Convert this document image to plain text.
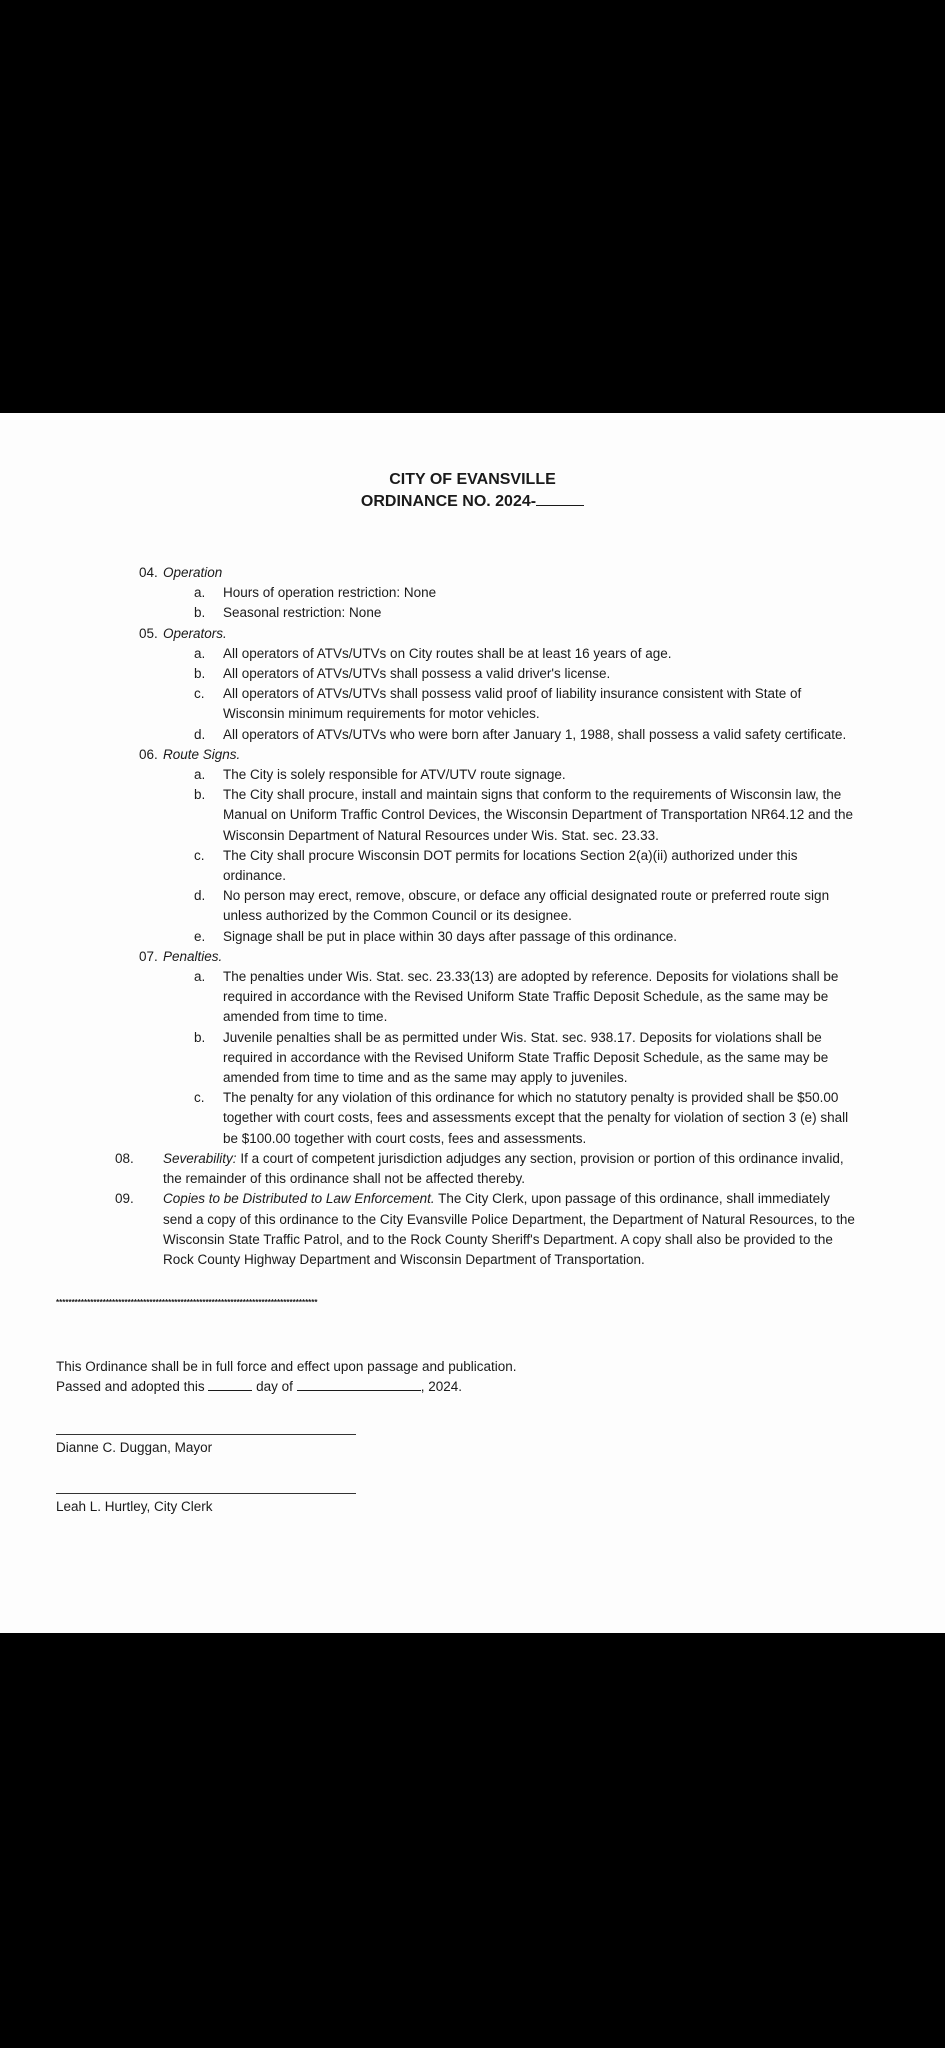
CITY OF EVANSVILLE
ORDINANCE NO. 2024-
04. Operation
a. Hours of operation restriction: None
b. Seasonal restriction: None
05. Operators.
a. All operators of ATVs/UTVs on City routes shall be at least 16 years of age.
b. All operators of ATVs/UTVs shall possess a valid driver's license.
c. All operators of ATVs/UTVs shall possess valid proof of liability insurance consistent with State of Wisconsin minimum requirements for motor vehicles.
d. All operators of ATVs/UTVs who were born after January 1, 1988, shall possess a valid safety certificate.
06. Route Signs.
a. The City is solely responsible for ATV/UTV route signage.
b. The City shall procure, install and maintain signs that conform to the requirements of Wisconsin law, the Manual on Uniform Traffic Control Devices, the Wisconsin Department of Transportation NR64.12 and the Wisconsin Department of Natural Resources under Wis. Stat. sec. 23.33.
c. The City shall procure Wisconsin DOT permits for locations Section 2(a)(ii) authorized under this ordinance.
d. No person may erect, remove, obscure, or deface any official designated route or preferred route sign unless authorized by the Common Council or its designee.
e. Signage shall be put in place within 30 days after passage of this ordinance.
07. Penalties.
a. The penalties under Wis. Stat. sec. 23.33(13) are adopted by reference. Deposits for violations shall be required in accordance with the Revised Uniform State Traffic Deposit Schedule, as the same may be amended from time to time.
b. Juvenile penalties shall be as permitted under Wis. Stat. sec. 938.17. Deposits for violations shall be required in accordance with the Revised Uniform State Traffic Deposit Schedule, as the same may be amended from time to time and as the same may apply to juveniles.
c. The penalty for any violation of this ordinance for which no statutory penalty is provided shall be $50.00 together with court costs, fees and assessments except that the penalty for violation of section 3 (e) shall be $100.00 together with court costs, fees and assessments.
08. Severability: If a court of competent jurisdiction adjudges any section, provision or portion of this ordinance invalid, the remainder of this ordinance shall not be affected thereby.
09. Copies to be Distributed to Law Enforcement. The City Clerk, upon passage of this ordinance, shall immediately send a copy of this ordinance to the City Evansville Police Department, the Department of Natural Resources, to the Wisconsin State Traffic Patrol, and to the Rock County Sheriff's Department. A copy shall also be provided to the Rock County Highway Department and Wisconsin Department of Transportation.
************************************************************************************
This Ordinance shall be in full force and effect upon passage and publication.
Passed and adopted this	day of	, 2024.
Dianne C. Duggan, Mayor
Leah L. Hurtley, City Clerk
